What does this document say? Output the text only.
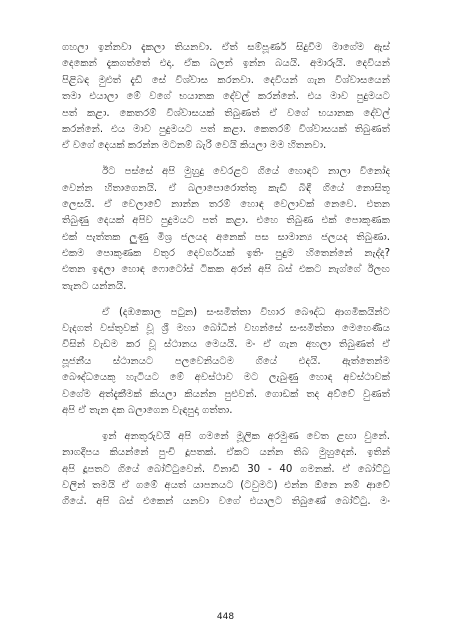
ගහලා ඉන්නවා දැකලා තියනවා. ඒත් සම්පූර්ණ සිදුවීම මාගේම ඇස්
දෙකෙන් දැකගත්තේ එදා. ඒක බලන් ඉන්න බයයි. අමාරුයි. දෙවියන්
පිළිබඳ මුළුත් දැඩි සේ විශ්වාස කරනවා. දෙවියන් ගැන විශ්වාසයෙන්
තමා එයාලා මේ වගේ භයානක දේවල් කරන්නේ. එය මාව පුදුමයට
පත් කළා. කෙතරම් විශ්වාසයක් තිබුණත් ඒ වගේ භයානක දේවල්
කරන්නේ. එය මාව පුදුමයට පත් කළා. කෙතරම් විශ්වාසයක් තිබුණත්
ඒ වගේ දෙයක් කරන්න මටනම් බැරි වෙයි කියලා මම හිතනවා.
ඊට පස්සේ අපි මුහුදු වෙරළට ගියේ හොඳට නාලා විනෝද
වෙන්න හිතාගෙනයි. ඒ බලාපොරොත්තු කැඩී බිඳී ගියේ නොසිතූ
ලෙසයි. ඒ වෙලාවේ නාන්න තරම් හොඳ වෙලාවක් නෙවෙ. එතන
තිබුණු දෙයක් අපිව පුදුමයට පත් කළා. එහෙ තිබුණ එක් පොකුණක
එක් පැත්තක ලුණු මිශ්‍ර ජලයද අනෙක් පස සාමාන්‍ය ජලයද තිබුණා.
එකම පොකුණක වතුර දෙවර්ගයක් ඉතිං පුදුම හිතෙන්නේ නැද්ද?
එතන ඉඳලා හොඳ ෆොටෝස් ටිකක අරන් අපි බස් එකට නැග්ගේ ඊලඟ
තැනට යන්නයි.
ඒ (දඹකොල පටුන) සංඝමිත්තා විහාර බෞද්ධ ආගමිකයින්ට
වැදගත් වස්තුවක් වූ ශ්‍රී මහා බෝධීන් වහන්සේ සංඝමිත්තා මෙහෙණිය
විසින් වැඩම කර වූ ස්ථානය මෙයයි. මං ඒ ගැන අහලා තිබුණත් ඒ
පූජනීය ස්ථානයට පලවෙනියටම ගියේ එදයි. ඇත්තෙන්ම
බෞද්ධයෙකු හැටියට මේ අවස්ථාව මට ලැබුණු හොඳ අවස්ථාවක්
වගේම අත්දැකීමක් කියලා කියන්න පුළුවන්. ගොඩක් තද අව්වේ වුණත්
අපි ඒ තැන දක බලාගෙන වැඳපුදා ගත්තා.
ඉන් අනතුරුවයි අපි ගමනේ මූලික අරමුණ වෙත ළඟා වුනේ.
නාගදීපය කියන්නේ පුංචි දූපතක්. ඒකට යන්න තිබ මුහුදෙන්. ඉතින්
අපි දූපතට ගියේ බෝට්ටුවෙන්. විනාඩි 30 - 40 ගමනක්. ඒ බෝට්ටු
වලින් තමයි ඒ ගමේ අයත් යාපනයට (ටවුමට) එන්න ඕනෙ නම් ආවේ
ගියේ. අපි බස් එකෙන් යනවා වගේ එයාලට තිබුණේ බෝට්ටු. මං
448
